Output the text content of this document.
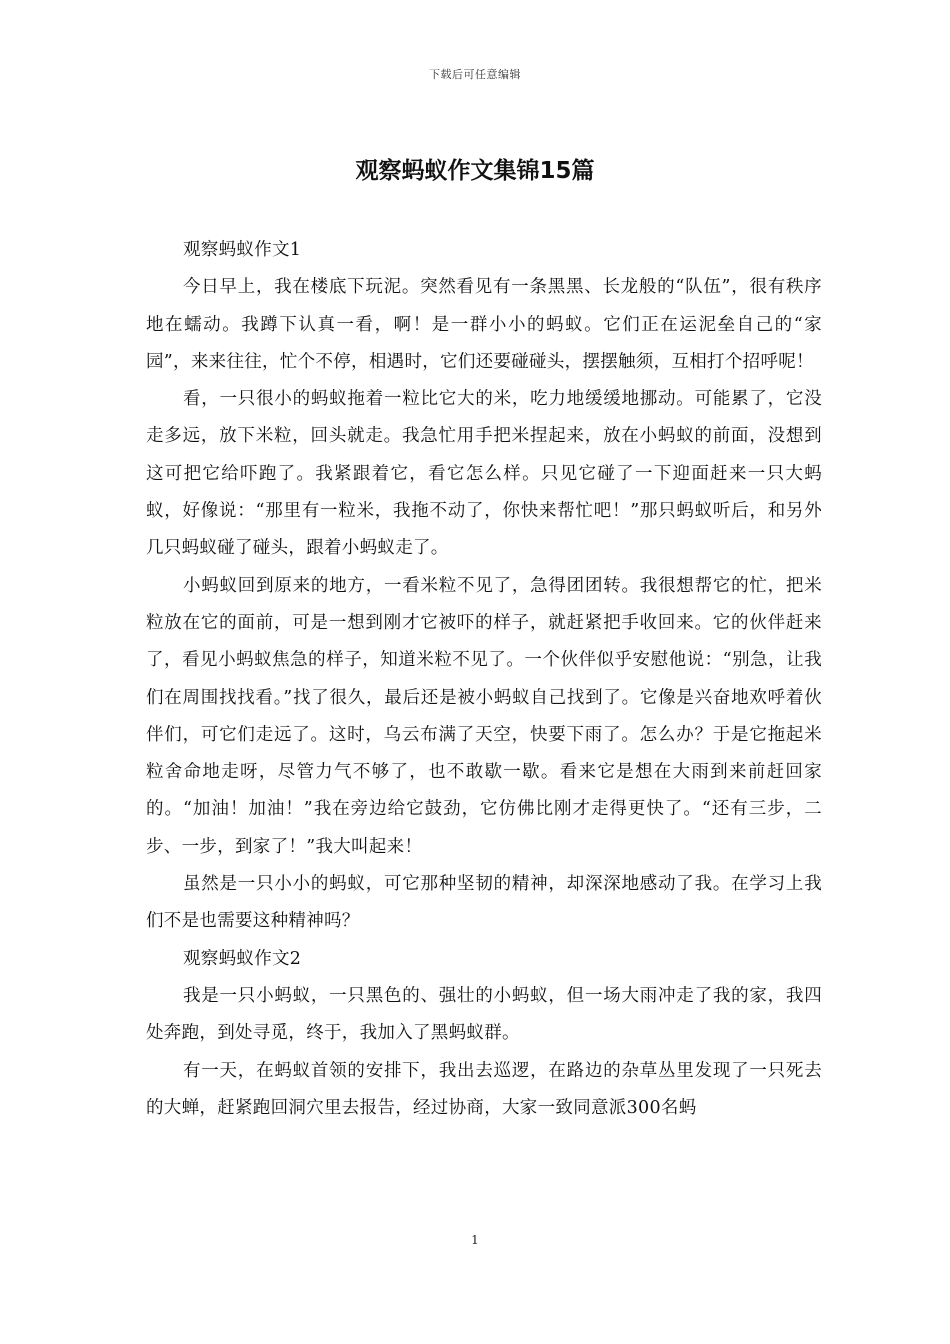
下载后可任意编辑
观察蚂蚁作文集锦15篇

观察蚂蚁作文1

今日早上，我在楼底下玩泥。突然看见有一条黑黑、长龙般的“队伍”，很有秩序地在蠕动。我蹲下认真一看，啊！是一群小小的蚂蚁。它们正在运泥垒自己的“家园”，来来往往，忙个不停，相遇时，它们还要碰碰头，摆摆触须，互相打个招呼呢！

看，一只很小的蚂蚁拖着一粒比它大的米，吃力地缓缓地挪动。可能累了，它没走多远，放下米粒，回头就走。我急忙用手把米捏起来，放在小蚂蚁的前面，没想到这可把它给吓跑了。我紧跟着它，看它怎么样。只见它碰了一下迎面赶来一只大蚂蚁，好像说：“那里有一粒米，我拖不动了，你快来帮忙吧！”那只蚂蚁听后，和另外几只蚂蚁碰了碰头，跟着小蚂蚁走了。

小蚂蚁回到原来的地方，一看米粒不见了，急得团团转。我很想帮它的忙，把米粒放在它的面前，可是一想到刚才它被吓的样子，就赶紧把手收回来。它的伙伴赶来了，看见小蚂蚁焦急的样子，知道米粒不见了。一个伙伴似乎安慰他说：“别急，让我们在周围找找看。”找了很久，最后还是被小蚂蚁自己找到了。它像是兴奋地欢呼着伙伴们，可它们走远了。这时，乌云布满了天空，快要下雨了。怎么办？于是它拖起米粒舍命地走呀，尽管力气不够了，也不敢歇一歇。看来它是想在大雨到来前赶回家的。“加油！加油！”我在旁边给它鼓劲，它仿佛比刚才走得更快了。“还有三步，二步、一步，到家了！”我大叫起来！

虽然是一只小小的蚂蚁，可它那种坚韧的精神，却深深地感动了我。在学习上我们不是也需要这种精神吗？

观察蚂蚁作文2

我是一只小蚂蚁，一只黑色的、强壮的小蚂蚁，但一场大雨冲走了我的家，我四处奔跑，到处寻觅，终于，我加入了黑蚂蚁群。

有一天，在蚂蚁首领的安排下，我出去巡逻，在路边的杂草丛里发现了一只死去的大蝉，赶紧跑回洞穴里去报告，经过协商，大家一致同意派300名蚂

1
